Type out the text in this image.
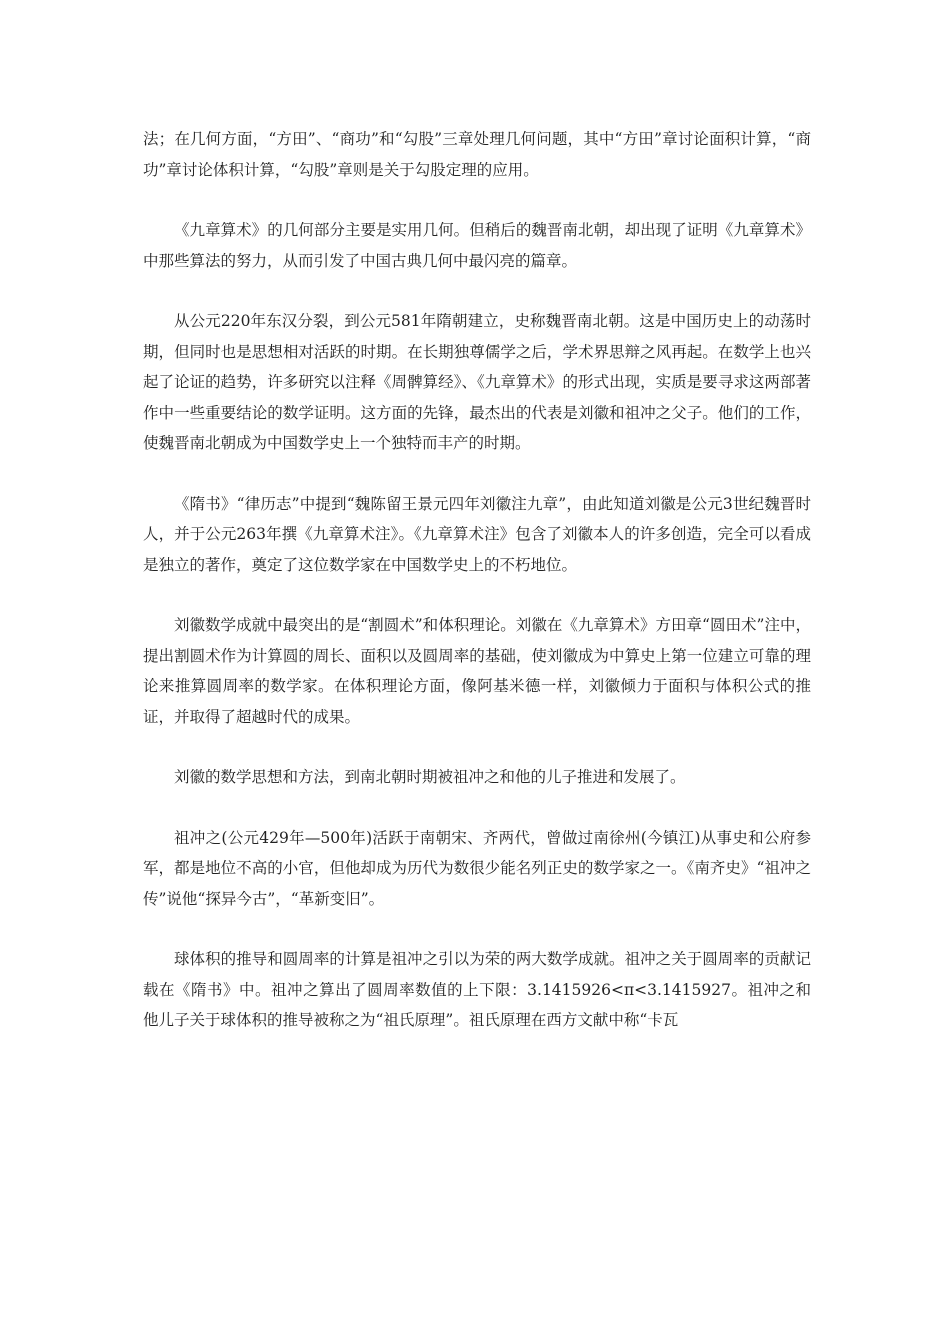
法；在几何方面，“方田”、“商功”和“勾股”三章处理几何问题，其中“方田”章讨论面积计算，“商功”章讨论体积计算，“勾股”章则是关于勾股定理的应用。

《九章算术》的几何部分主要是实用几何。但稍后的魏晋南北朝，却出现了证明《九章算术》中那些算法的努力，从而引发了中国古典几何中最闪亮的篇章。

从公元220年东汉分裂，到公元581年隋朝建立，史称魏晋南北朝。这是中国历史上的动荡时期，但同时也是思想相对活跃的时期。在长期独尊儒学之后，学术界思辩之风再起。在数学上也兴起了论证的趋势，许多研究以注释《周髀算经》、《九章算术》的形式出现，实质是要寻求这两部著作中一些重要结论的数学证明。这方面的先锋，最杰出的代表是刘徽和祖冲之父子。他们的工作，使魏晋南北朝成为中国数学史上一个独特而丰产的时期。

《隋书》“律历志”中提到“魏陈留王景元四年刘徽注九章”，由此知道刘徽是公元3世纪魏晋时人，并于公元263年撰《九章算术注》。《九章算术注》包含了刘徽本人的许多创造，完全可以看成是独立的著作，奠定了这位数学家在中国数学史上的不朽地位。

刘徽数学成就中最突出的是“割圆术”和体积理论。刘徽在《九章算术》方田章“圆田术”注中，提出割圆术作为计算圆的周长、面积以及圆周率的基础，使刘徽成为中算史上第一位建立可靠的理论来推算圆周率的数学家。在体积理论方面，像阿基米德一样，刘徽倾力于面积与体积公式的推证，并取得了超越时代的成果。

刘徽的数学思想和方法，到南北朝时期被祖冲之和他的儿子推进和发展了。

祖冲之(公元429年—500年)活跃于南朝宋、齐两代，曾做过南徐州(今镇江)从事史和公府参军，都是地位不高的小官，但他却成为历代为数很少能名列正史的数学家之一。《南齐史》“祖冲之传”说他“探异今古”，“革新变旧”。

球体积的推导和圆周率的计算是祖冲之引以为荣的两大数学成就。祖冲之关于圆周率的贡献记载在《隋书》中。祖冲之算出了圆周率数值的上下限：3.1415926<π<3.1415927。祖冲之和他儿子关于球体积的推导被称之为“祖氏原理”。祖氏原理在西方文献中称“卡瓦
